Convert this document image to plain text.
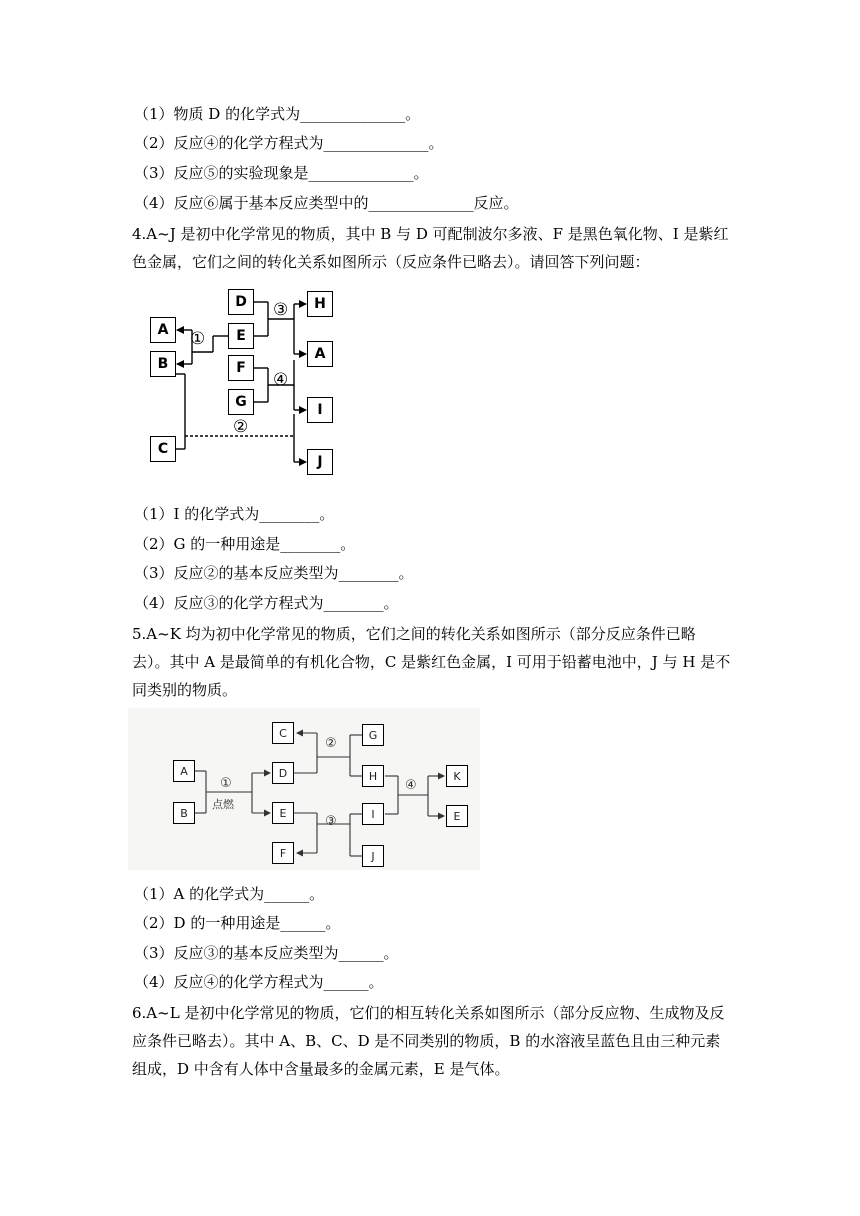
（1）物质 D 的化学式为______________。
（2）反应④的化学方程式为______________。
（3）反应⑤的实验现象是______________。
（4）反应⑥属于基本反应类型中的______________反应。
4.A~J 是初中化学常见的物质，其中 B 与 D 可配制波尔多液、F 是黑色氧化物、I 是紫红色金属，它们之间的转化关系如图所示（反应条件已略去）。请回答下列问题：
D
E
F
G
A
B
C
H
A
I
J
①
②
③
④
（1）I 的化学式为________。
（2）G 的一种用途是________。
（3）反应②的基本反应类型为________。
（4）反应③的化学方程式为________。
5.A~K 均为初中化学常见的物质，它们之间的转化关系如图所示（部分反应条件已略去）。其中 A 是最简单的有机化合物，C 是紫红色金属，I 可用于铅蓄电池中，J 与 H 是不同类别的物质。
A
B
C
D
E
F
G
H
I
J
K
E
①
点燃
②
③
④
（1）A 的化学式为______。
（2）D 的一种用途是______。
（3）反应③的基本反应类型为______。
（4）反应④的化学方程式为______。
6.A~L 是初中化学常见的物质，它们的相互转化关系如图所示（部分反应物、生成物及反应条件已略去）。其中 A、B、C、D 是不同类别的物质，B 的水溶液呈蓝色且由三种元素组成，D 中含有人体中含量最多的金属元素，E 是气体。
